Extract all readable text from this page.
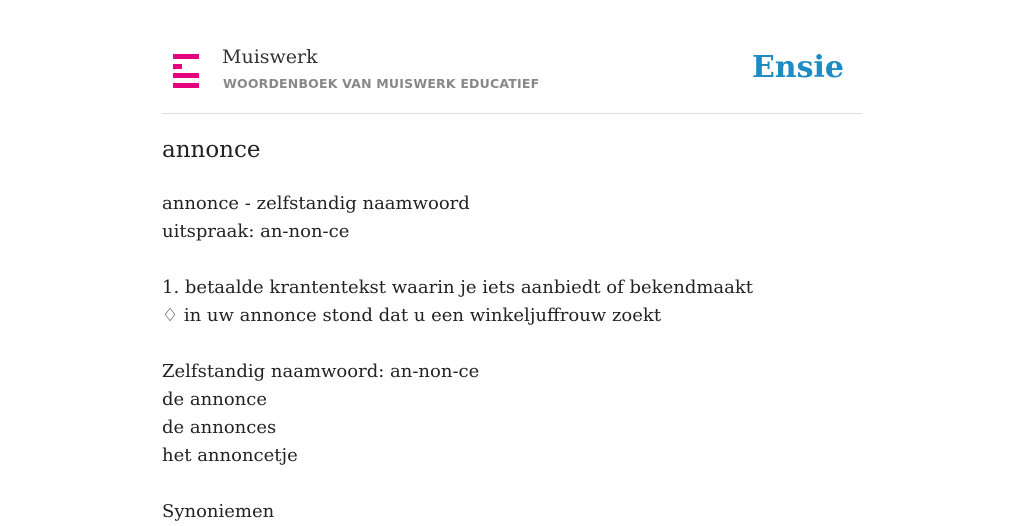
Muiswerk
WOORDENBOEK VAN MUISWERK EDUCATIEF	Ensie
annonce
annonce - zelfstandig naamwoord
uitspraak: an-non-ce
1. betaalde krantentekst waarin je iets aanbiedt of bekendmaakt
♢ in uw annonce stond dat u een winkeljuffrouw zoekt
Zelfstandig naamwoord: an-non-ce
de annonce
de annonces
het annoncetje
Synoniemen
